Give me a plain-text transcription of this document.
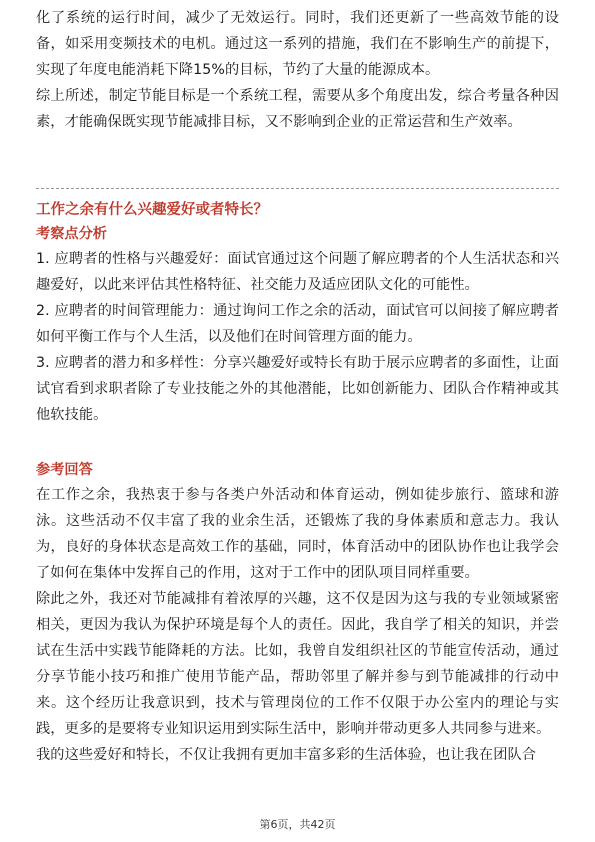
化了系统的运行时间，减少了无效运行。同时，我们还更新了一些高效节能的设备，如采用变频技术的电机。通过这一系列的措施，我们在不影响生产的前提下，实现了年度电能消耗下降15%的目标，节约了大量的能源成本。

综上所述，制定节能目标是一个系统工程，需要从多个角度出发，综合考量各种因素，才能确保既实现节能减排目标，又不影响到企业的正常运营和生产效率。

工作之余有什么兴趣爱好或者特长？

考察点分析

1. 应聘者的性格与兴趣爱好：面试官通过这个问题了解应聘者的个人生活状态和兴趣爱好，以此来评估其性格特征、社交能力及适应团队文化的可能性。

2. 应聘者的时间管理能力：通过询问工作之余的活动，面试官可以间接了解应聘者如何平衡工作与个人生活，以及他们在时间管理方面的能力。

3. 应聘者的潜力和多样性：分享兴趣爱好或特长有助于展示应聘者的多面性，让面试官看到求职者除了专业技能之外的其他潜能，比如创新能力、团队合作精神或其他软技能。

参考回答

在工作之余，我热衷于参与各类户外活动和体育运动，例如徒步旅行、篮球和游泳。这些活动不仅丰富了我的业余生活，还锻炼了我的身体素质和意志力。我认为，良好的身体状态是高效工作的基础，同时，体育活动中的团队协作也让我学会了如何在集体中发挥自己的作用，这对于工作中的团队项目同样重要。

除此之外，我还对节能减排有着浓厚的兴趣，这不仅是因为这与我的专业领域紧密相关，更因为我认为保护环境是每个人的责任。因此，我自学了相关的知识，并尝试在生活中实践节能降耗的方法。比如，我曾自发组织社区的节能宣传活动，通过分享节能小技巧和推广使用节能产品，帮助邻里了解并参与到节能减排的行动中来。这个经历让我意识到，技术与管理岗位的工作不仅限于办公室内的理论与实践，更多的是要将专业知识运用到实际生活中，影响并带动更多人共同参与进来。

我的这些爱好和特长，不仅让我拥有更加丰富多彩的生活体验，也让我在团队合

第6页，共42页
